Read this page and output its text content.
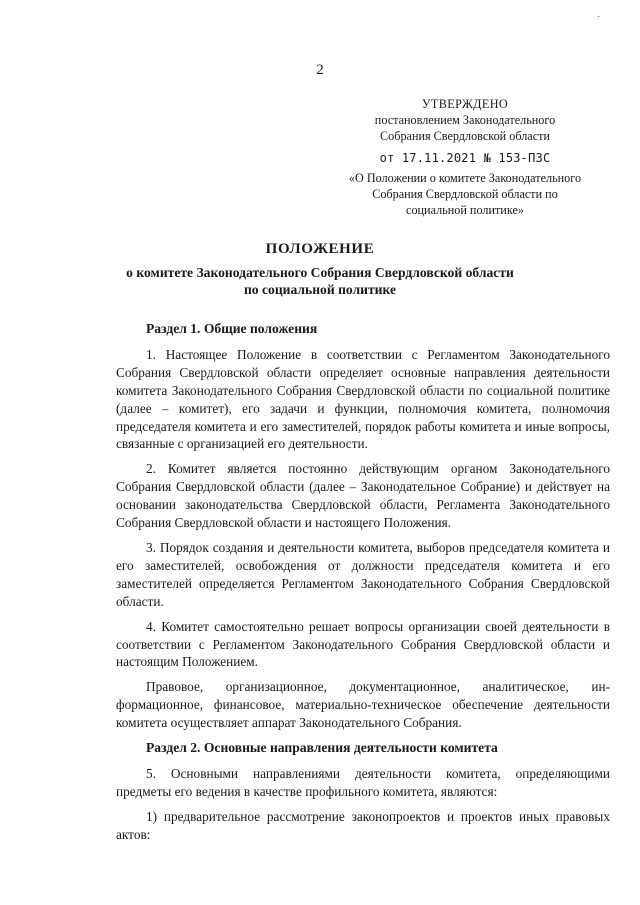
·
2
УТВЕРЖДЕНО
постановлением Законодательного
Собрания Свердловской области
от 17.11.2021 № 153-ПЗС
«О Положении о комитете Законодательного
Собрания Свердловской области по
социальной политике»
ПОЛОЖЕНИЕ
о комитете Законодательного Собрания Свердловской области
по социальной политике
Раздел 1. Общие положения

1. Настоящее Положение в соответствии с Регламентом Законодательного Собрания Свердловской области определяет основные направления деятельности комитета Законодательного Собрания Свердловской области по социальной политике (далее – комитет), его задачи и функции, полномочия комитета, полномочия председателя комитета и его заместителей, порядок работы комитета и иные вопросы, связанные с организацией его деятельности.

2. Комитет является постоянно действующим органом Законодательного Собрания Свердловской области (далее – Законодательное Собрание) и действует на основании законодательства Свердловской области, Регламента Законодательного Собрания Свердловской области и настоящего Положения.

3. Порядок создания и деятельности комитета, выборов председателя комитета и его заместителей, освобождения от должности председателя комитета и его заместителей определяется Регламентом Законодательного Собрания Свердловской области.

4. Комитет самостоятельно решает вопросы организации своей деятельности в соответствии с Регламентом Законодательного Собрания Свердловской области и настоящим Положением.

Правовое, организационное, документационное, аналитическое, информационное, финансовое, материально-техническое обеспечение деятельности комитета осуществляет аппарат Законодательного Собрания.

Раздел 2. Основные направления деятельности комитета

5. Основными направлениями деятельности комитета, определяющими предметы его ведения в качестве профильного комитета, являются:

1) предварительное рассмотрение законопроектов и проектов иных правовых актов:
